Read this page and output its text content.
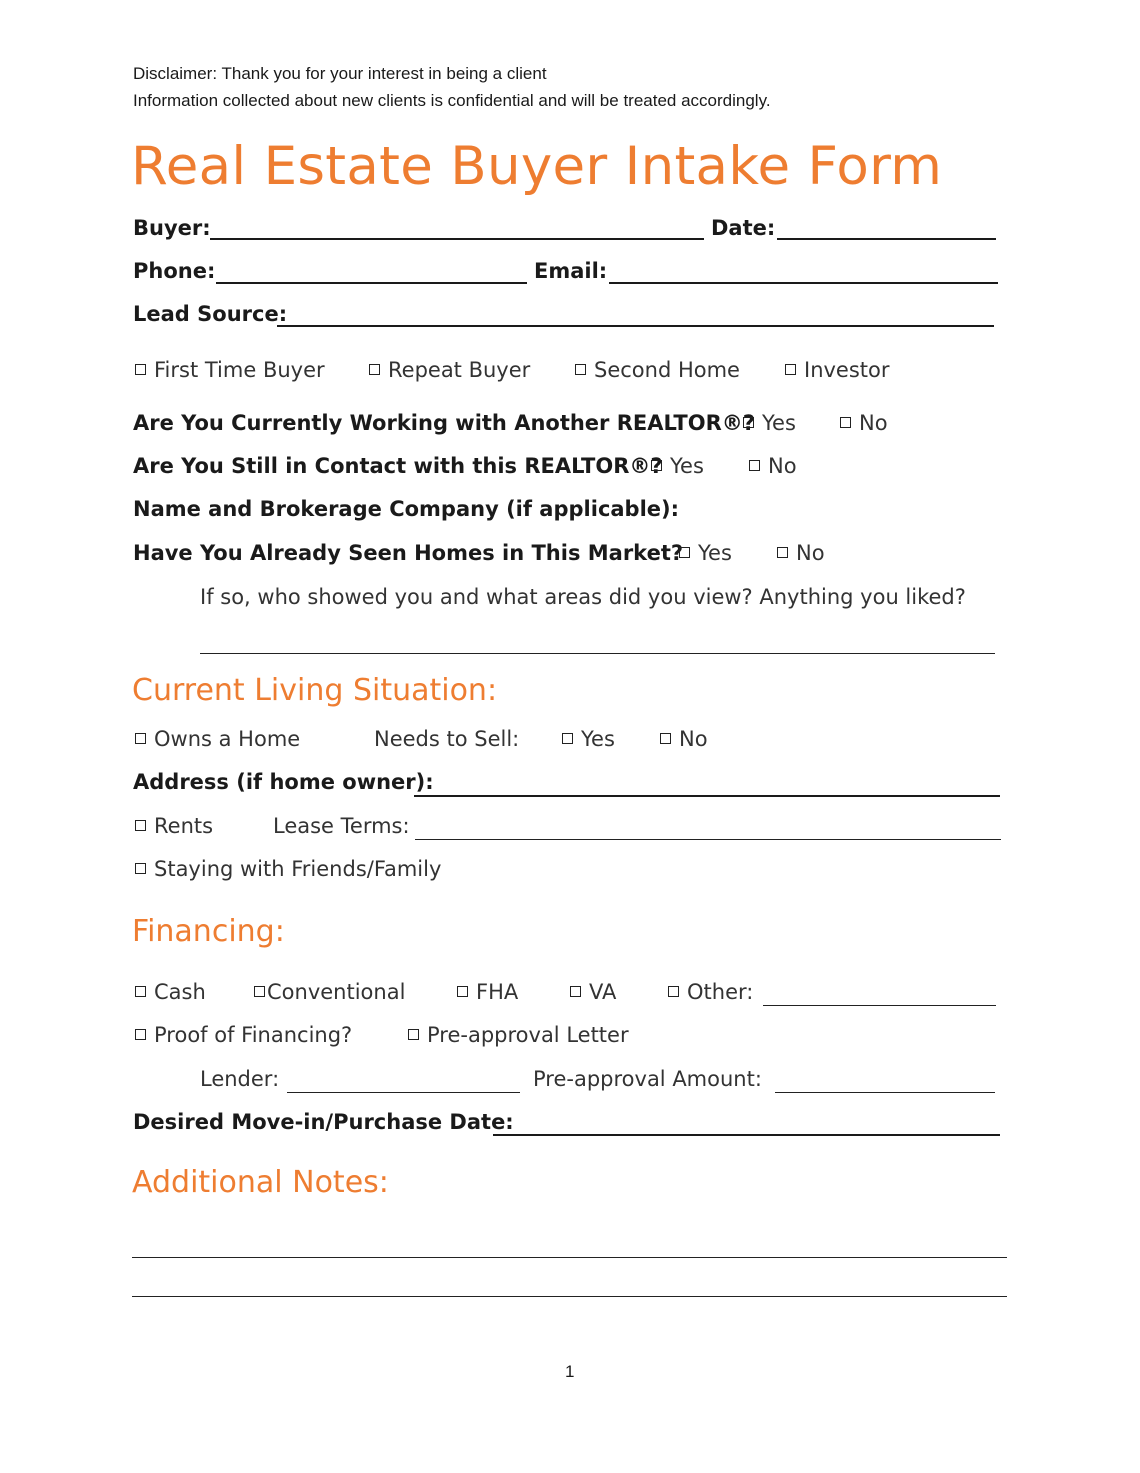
Disclaimer: Thank you for your interest in being a client
Information collected about new clients is confidential and will be treated accordingly.
Real Estate Buyer Intake Form
Buyer:	Date:
Phone:	Email:
Lead Source:
First Time Buyer	Repeat Buyer	Second Home	Investor
Are You Currently Working with Another REALTOR®? Yes	No
Are You Still in Contact with this REALTOR®? Yes	No
Name and Brokerage Company (if applicable):
Have You Already Seen Homes in This Market? Yes	No
If so, who showed you and what areas did you view? Anything you liked?
Current Living Situation:
Owns a Home	Needs to Sell:	Yes	No
Address (if home owner):
Rents	Lease Terms:
Staying with Friends/Family
Financing:
Cash	Conventional	FHA	VA	Other:
Proof of Financing?	Pre-approval Letter
Lender:	Pre-approval Amount:
Desired Move-in/Purchase Date:
Additional Notes:
1
